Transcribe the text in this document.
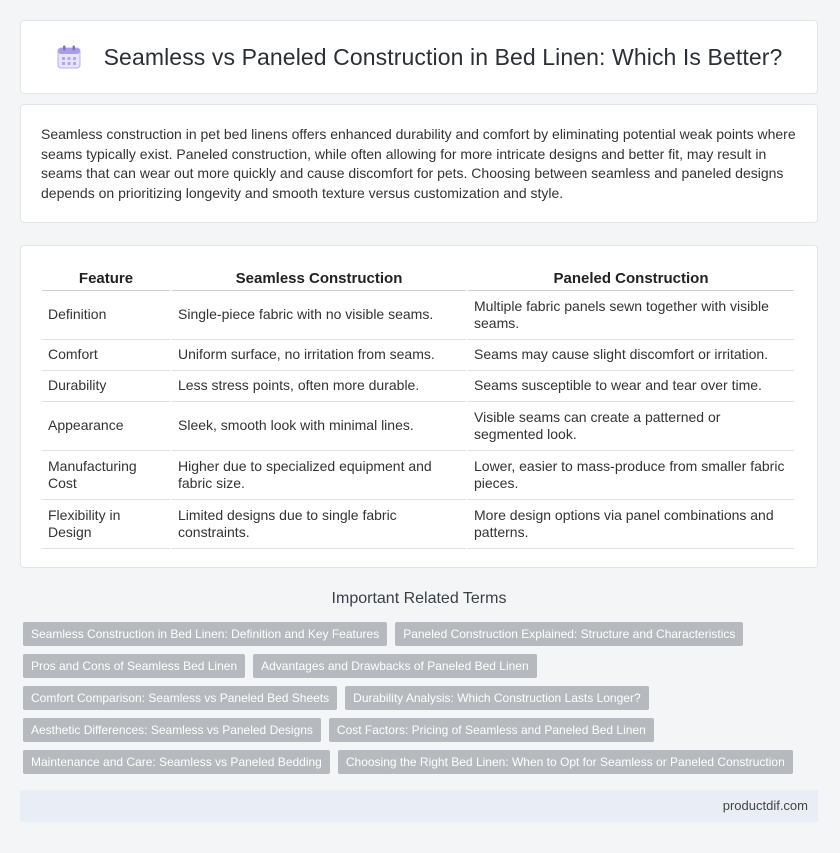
Seamless vs Paneled Construction in Bed Linen: Which Is Better?

Seamless construction in pet bed linens offers enhanced durability and comfort by eliminating potential weak points where seams typically exist. Paneled construction, while often allowing for more intricate designs and better fit, may result in seams that can wear out more quickly and cause discomfort for pets. Choosing between seamless and paneled designs depends on prioritizing longevity and smooth texture versus customization and style.

Feature	Seamless Construction	Paneled Construction
Definition	Single-piece fabric with no visible seams.	Multiple fabric panels sewn together with visible seams.
Comfort	Uniform surface, no irritation from seams.	Seams may cause slight discomfort or irritation.
Durability	Less stress points, often more durable.	Seams susceptible to wear and tear over time.
Appearance	Sleek, smooth look with minimal lines.	Visible seams can create a patterned or segmented look.
Manufacturing Cost	Higher due to specialized equipment and fabric size.	Lower, easier to mass-produce from smaller fabric pieces.
Flexibility in Design	Limited designs due to single fabric constraints.	More design options via panel combinations and patterns.
Important Related Terms
Seamless Construction in Bed Linen: Definition and Key Features	Paneled Construction Explained: Structure and Characteristics
Pros and Cons of Seamless Bed Linen	Advantages and Drawbacks of Paneled Bed Linen
Comfort Comparison: Seamless vs Paneled Bed Sheets	Durability Analysis: Which Construction Lasts Longer?
Aesthetic Differences: Seamless vs Paneled Designs	Cost Factors: Pricing of Seamless and Paneled Bed Linen
Maintenance and Care: Seamless vs Paneled Bedding	Choosing the Right Bed Linen: When to Opt for Seamless or Paneled Construction
productdif.com
